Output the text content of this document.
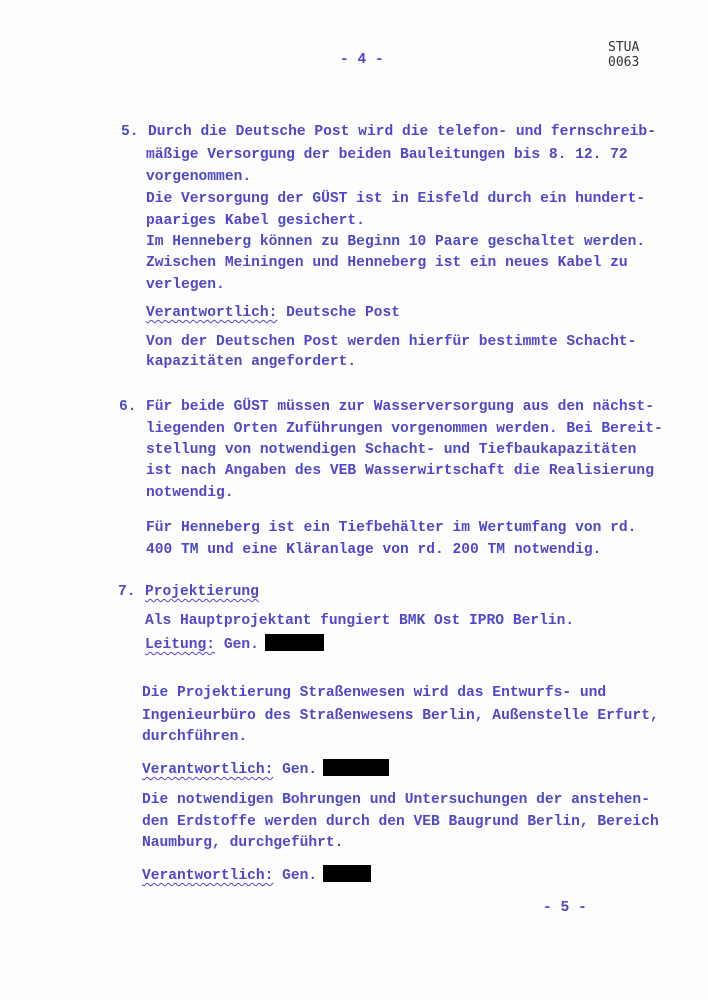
- 4 -
STUA
0063
5. Durch die Deutsche Post wird die telefon- und fernschreib-
mäßige Versorgung der beiden Bauleitungen bis 8. 12. 72
vorgenommen.
Die Versorgung der GÜST ist in Eisfeld durch ein hundert-
paariges Kabel gesichert.
Im Henneberg können zu Beginn 10 Paare geschaltet werden.
Zwischen Meiningen und Henneberg ist ein neues Kabel zu
verlegen.
Verantwortlich: Deutsche Post
Von der Deutschen Post werden hierfür bestimmte Schacht-
kapazitäten angefordert.
6. Für beide GÜST müssen zur Wasserversorgung aus den nächst-
liegenden Orten Zuführungen vorgenommen werden. Bei Bereit-
stellung von notwendigen Schacht- und Tiefbaukapazitäten
ist nach Angaben des VEB Wasserwirtschaft die Realisierung
notwendig.
Für Henneberg ist ein Tiefbehälter im Wertumfang von rd.
400 TM und eine Kläranlage von rd. 200 TM notwendig.
7. Projektierung
Als Hauptprojektant fungiert BMK Ost IPRO Berlin.
Leitung: Gen.
Die Projektierung Straßenwesen wird das Entwurfs- und
Ingenieurbüro des Straßenwesens Berlin, Außenstelle Erfurt,
durchführen.
Verantwortlich: Gen.
Die notwendigen Bohrungen und Untersuchungen der anstehen-
den Erdstoffe werden durch den VEB Baugrund Berlin, Bereich
Naumburg, durchgeführt.
Verantwortlich: Gen.
- 5 -
